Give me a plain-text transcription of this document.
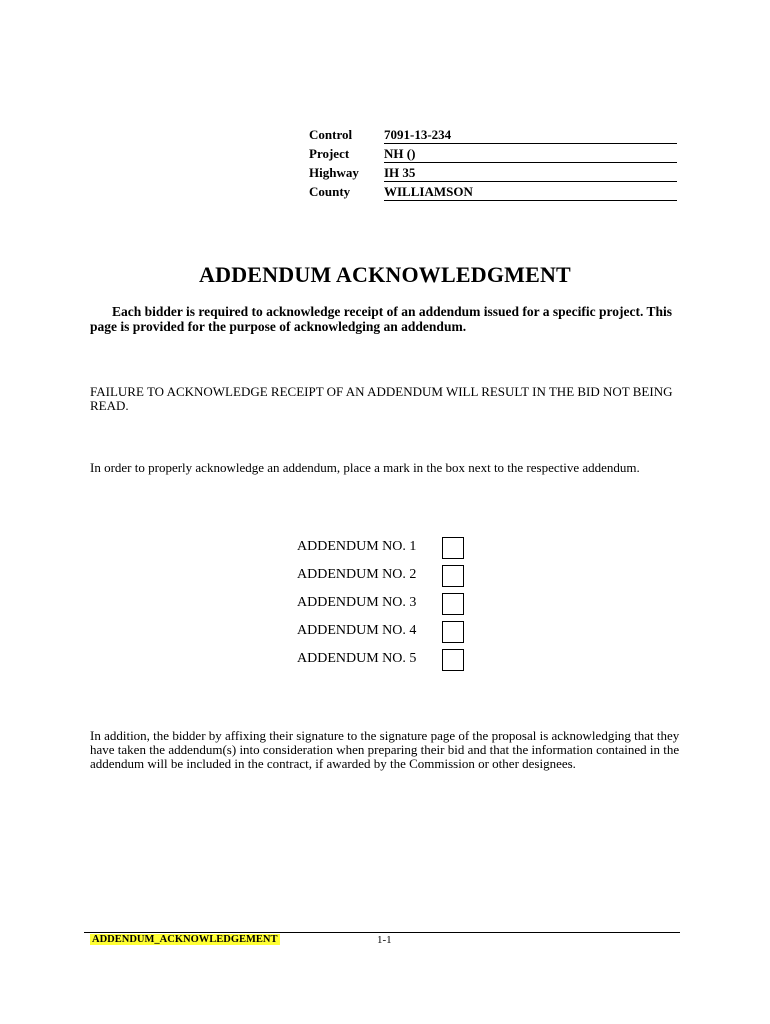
Control 7091-13-234
Project	NH ()
Highway IH 35
County	WILLIAMSON
ADDENDUM ACKNOWLEDGMENT
Each bidder is required to acknowledge receipt of an addendum issued for a specific project. This page is provided for the purpose of acknowledging an addendum.
FAILURE TO ACKNOWLEDGE RECEIPT OF AN ADDENDUM WILL RESULT IN THE BID NOT BEING READ.
In order to properly acknowledge an addendum, place a mark in the box next to the respective addendum.
ADDENDUM NO. 1
ADDENDUM NO. 2
ADDENDUM NO. 3
ADDENDUM NO. 4
ADDENDUM NO. 5
In addition, the bidder by affixing their signature to the signature page of the proposal is acknowledging that they have taken the addendum(s) into consideration when preparing their bid and that the information contained in the addendum will be included in the contract, if awarded by the Commission or other designees.
ADDENDUM_ACKNOWLEDGEMENT	1-1
